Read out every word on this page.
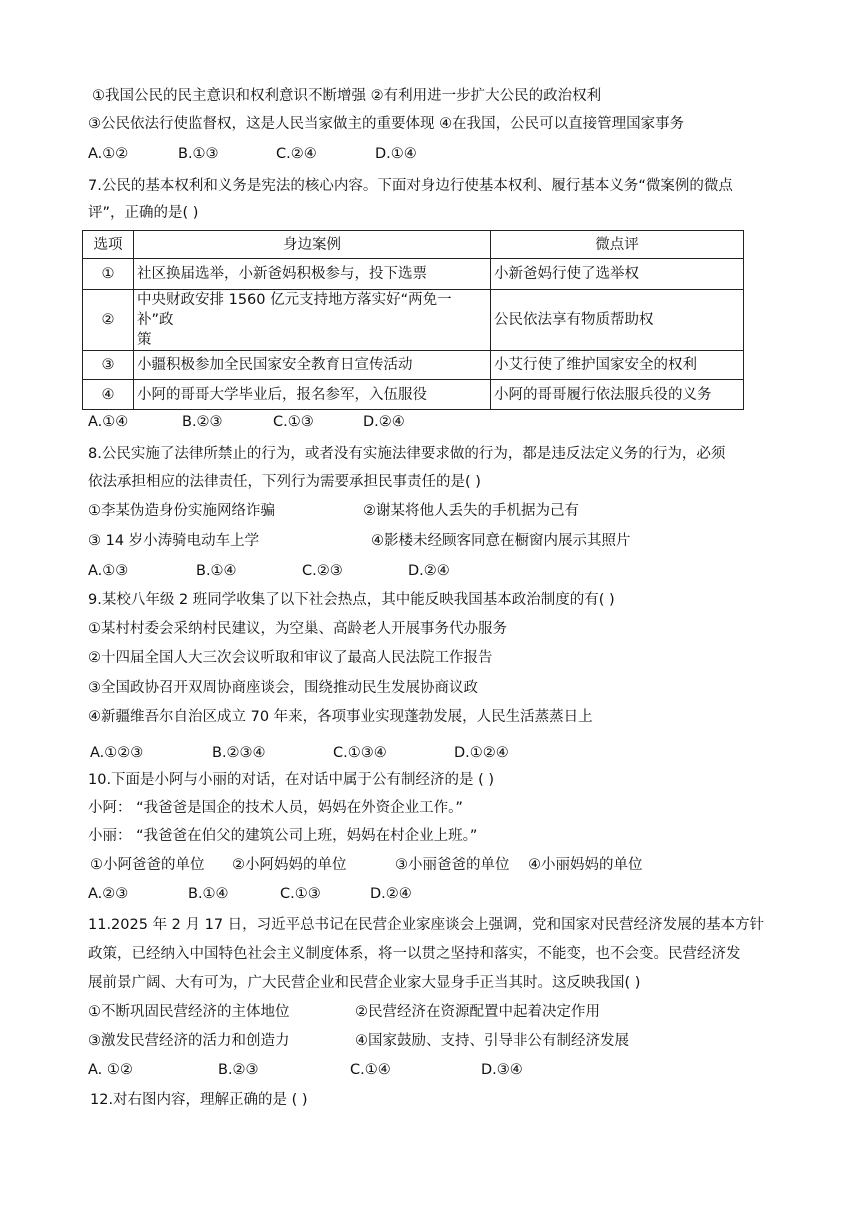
①我国公民的民主意识和权利意识不断增强 ②有利用进一步扩大公民的政治权利
③公民依法行使监督权，这是人民当家做主的重要体现 ④在我国，公民可以直接管理国家事务
A.①②	B.①③	C.②④	D.①④
7.公民的基本权利和义务是宪法的核心内容。下面对身边行使基本权利、履行基本义务“微案例的微点
评”，正确的是( )
选项	身边案例	微点评
①	社区换届选举，小新爸妈积极参与，投下选票	小新爸妈行使了选举权
②	中央财政安排 1560 亿元支持地方落实好“两免一补”政
策	公民依法享有物质帮助权
③	小疆积极参加全民国家安全教育日宣传活动	小艾行使了维护国家安全的权利
④	小阿的哥哥大学毕业后，报名参军，入伍服役	小阿的哥哥履行依法服兵役的义务
A.①④	B.②③	C.①③	D.②④
8.公民实施了法律所禁止的行为，或者没有实施法律要求做的行为，都是违反法定义务的行为，必须
依法承担相应的法律责任，下列行为需要承担民事责任的是( )
①李某伪造身份实施网络诈骗	②谢某将他人丢失的手机据为己有
③ 14 岁小涛骑电动车上学	④影楼未经顾客同意在橱窗内展示其照片
A.①③	B.①④	C.②③	D.②④
9.某校八年级 2 班同学收集了以下社会热点，其中能反映我国基本政治制度的有( )
①某村村委会采纳村民建议，为空巢、高龄老人开展事务代办服务
②十四届全国人大三次会议听取和审议了最高人民法院工作报告
③全国政协召开双周协商座谈会，围绕推动民生发展协商议政
④新疆维吾尔自治区成立 70 年来，各项事业实现蓬勃发展，人民生活蒸蒸日上
A.①②③	B.②③④	C.①③④	D.①②④
10.下面是小阿与小丽的对话，在对话中属于公有制经济的是 ( )
小阿： “我爸爸是国企的技术人员，妈妈在外资企业工作。”
小丽： “我爸爸在伯父的建筑公司上班，妈妈在村企业上班。”
①小阿爸爸的单位 ②小阿妈妈的单位	③小丽爸爸的单位 ④小丽妈妈的单位
A.②③	B.①④	C.①③	D.②④
11.2025 年 2 月 17 日，习近平总书记在民营企业家座谈会上强调，党和国家对民营经济发展的基本方针
政策，已经纳入中国特色社会主义制度体系，将一以贯之坚持和落实，不能变，也不会变。民营经济发
展前景广阔、大有可为，广大民营企业和民营企业家大显身手正当其时。这反映我国( )
①不断巩固民营经济的主体地位	②民营经济在资源配置中起着决定作用
③激发民营经济的活力和创造力	④国家鼓励、支持、引导非公有制经济发展
A. ①②	B.②③	C.①④	D.③④
12.对右图内容，理解正确的是 ( )
